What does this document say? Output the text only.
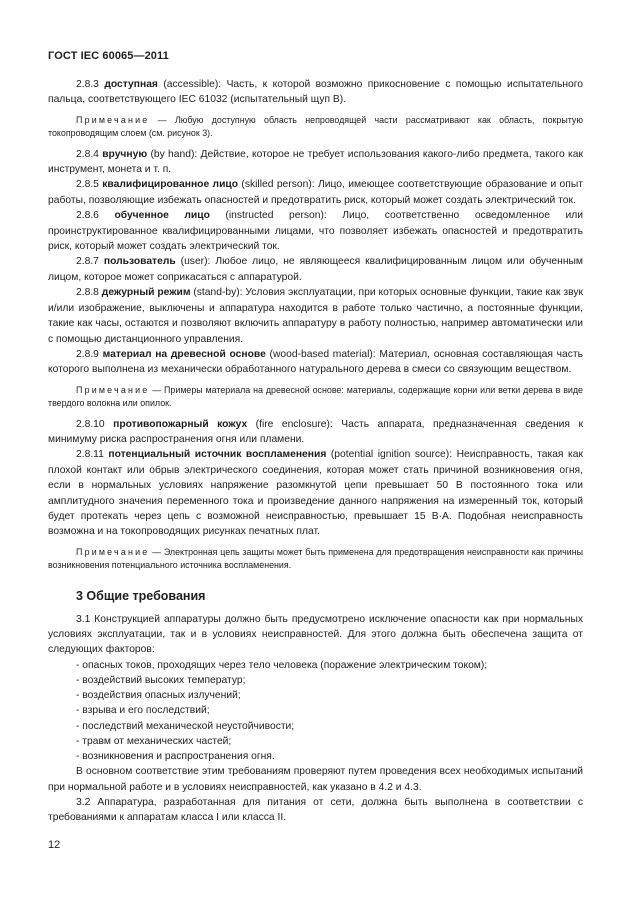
ГОСТ IEC 60065—2011

2.8.3 доступная (accessible): Часть, к которой возможно прикосновение с помощью испытательного пальца, соответствующего IEC 61032 (испытательный щуп В).

Примечание — Любую доступную область непроводящей части рассматривают как область, покрытую токопроводящим слоем (см. рисунок 3).

2.8.4 вручную (by hand): Действие, которое не требует использования какого-либо предмета, такого как инструмент, монета и т. п.

2.8.5 квалифицированное лицо (skilled person): Лицо, имеющее соответствующие образование и опыт работы, позволяющие избежать опасностей и предотвратить риск, который может создать электрический ток.

2.8.6 обученное лицо (instructed person): Лицо, соответственно осведомленное или проинструктированное квалифицированными лицами, что позволяет избежать опасностей и предотвратить риск, который может создать электрический ток.

2.8.7 пользователь (user): Любое лицо, не являющееся квалифицированным лицом или обученным лицом, которое может соприкасаться с аппаратурой.

2.8.8 дежурный режим (stand-by): Условия эксплуатации, при которых основные функции, такие как звук и/или изображение, выключены и аппаратура находится в работе только частично, а постоянные функции, такие как часы, остаются и позволяют включить аппаратуру в работу полностью, например автоматически или с помощью дистанционного управления.

2.8.9 материал на древесной основе (wood-based material): Материал, основная составляющая часть которого выполнена из механически обработанного натурального дерева в смеси со связующим веществом.

Примечание — Примеры материала на древесной основе: материалы, содержащие корни или ветки дерева в виде твердого волокна или опилок.

2.8.10 противопожарный кожух (fire enclosure): Часть аппарата, предназначенная сведения к минимуму риска распространения огня или пламени.

2.8.11 потенциальный источник воспламенения (potential ignition source): Неисправность, такая как плохой контакт или обрыв электрического соединения, которая может стать причиной возникновения огня, если в нормальных условиях напряжение разомкнутой цепи превышает 50 В постоянного тока или амплитудного значения переменного тока и произведение данного напряжения на измеренный ток, который будет протекать через цепь с возможной неисправностью, превышает 15 В·А. Подобная неисправность возможна и на токопроводящих рисунках печатных плат.

Примечание — Электронная цепь защиты может быть применена для предотвращения неисправности как причины возникновения потенциального источника воспламенения.

3 Общие требования

3.1 Конструкцией аппаратуры должно быть предусмотрено исключение опасности как при нормальных условиях эксплуатации, так и в условиях неисправностей. Для этого должна быть обеспечена защита от следующих факторов:

- опасных токов, проходящих через тело человека (поражение электрическим током);
- воздействий высоких температур;
- воздействия опасных излучений;
- взрыва и его последствий;
- последствий механической неустойчивости;
- травм от механических частей;
- возникновения и распространения огня.

В основном соответствие этим требованиям проверяют путем проведения всех необходимых испытаний при нормальной работе и в условиях неисправностей, как указано в 4.2 и 4.3.

3.2 Аппаратура, разработанная для питания от сети, должна быть выполнена в соответствии с требованиями к аппаратам класса I или класса II.

12
